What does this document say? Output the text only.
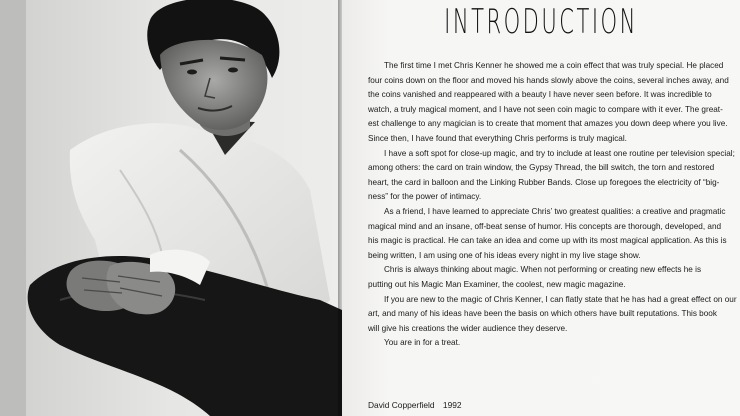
INTRODUCTION

The first time I met Chris Kenner he showed me a coin effect that was truly special. He placed
four coins down on the floor and moved his hands slowly above the coins, several inches away, and
the coins vanished and reappeared with a beauty I have never seen before. It was incredible to
watch, a truly magical moment, and I have not seen coin magic to compare with it ever. The great-
est challenge to any magician is to create that moment that amazes you down deep where you live.
Since then, I have found that everything Chris performs is truly magical.

I have a soft spot for close-up magic, and try to include at least one routine per television special;
among others: the card on train window, the Gypsy Thread, the bill switch, the torn and restored
heart, the card in balloon and the Linking Rubber Bands. Close up foregoes the electricity of “big-
ness” for the power of intimacy.

As a friend, I have learned to appreciate Chris’ two greatest qualities: a creative and pragmatic
magical mind and an insane, off-beat sense of humor. His concepts are thorough, developed, and
his magic is practical. He can take an idea and come up with its most magical application. As this is
being written, I am using one of his ideas every night in my live stage show.

Chris is always thinking about magic. When not performing or creating new effects he is
putting out his Magic Man Examiner, the coolest, new magic magazine.

If you are new to the magic of Chris Kenner, I can flatly state that he has had a great effect on our
art, and many of his ideas have been the basis on which others have built reputations. This book
will give his creations the wider audience they deserve.

You are in for a treat.

David Copperfield 1992
